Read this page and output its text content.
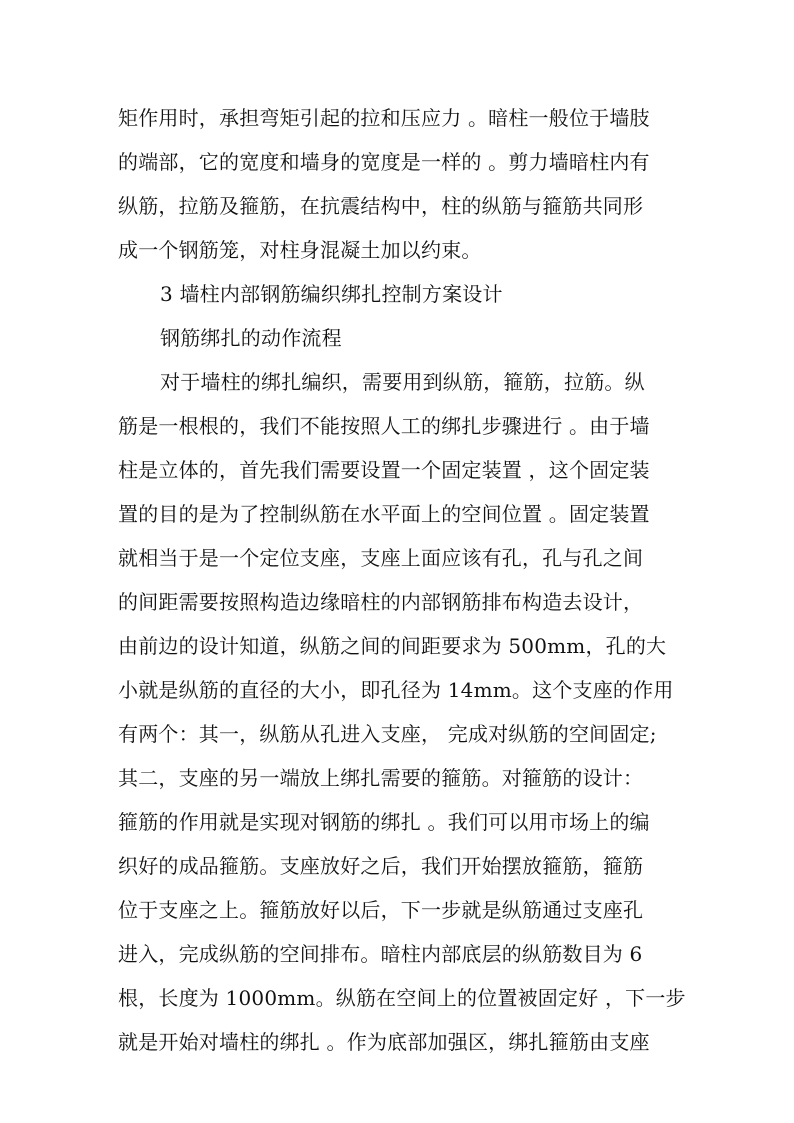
矩作用时，承担弯矩引起的拉和压应力 。暗柱一般位于墙肢
的端部，它的宽度和墙身的宽度是一样的 。剪力墙暗柱内有
纵筋，拉筋及箍筋，在抗震结构中，柱的纵筋与箍筋共同形
成一个钢筋笼，对柱身混凝土加以约束。
3 墙柱内部钢筋编织绑扎控制方案设计
钢筋绑扎的动作流程
对于墙柱的绑扎编织，需要用到纵筋，箍筋，拉筋。纵
筋是一根根的，我们不能按照人工的绑扎步骤进行 。由于墙
柱是立体的，首先我们需要设置一个固定装置 ，这个固定装
置的目的是为了控制纵筋在水平面上的空间位置 。固定装置
就相当于是一个定位支座，支座上面应该有孔，孔与孔之间
的间距需要按照构造边缘暗柱的内部钢筋排布构造去设计，
由前边的设计知道，纵筋之间的间距要求为 500mm，孔的大
小就是纵筋的直径的大小，即孔径为 14mm。这个支座的作用
有两个：其一，纵筋从孔进入支座， 完成对纵筋的空间固定;
其二，支座的另一端放上绑扎需要的箍筋。对箍筋的设计：
箍筋的作用就是实现对钢筋的绑扎 。我们可以用市场上的编
织好的成品箍筋。支座放好之后，我们开始摆放箍筋，箍筋
位于支座之上。箍筋放好以后，下一步就是纵筋通过支座孔
进入，完成纵筋的空间排布。暗柱内部底层的纵筋数目为 6
根，长度为 1000mm。纵筋在空间上的位置被固定好 ，下一步
就是开始对墙柱的绑扎 。作为底部加强区，绑扎箍筋由支座
